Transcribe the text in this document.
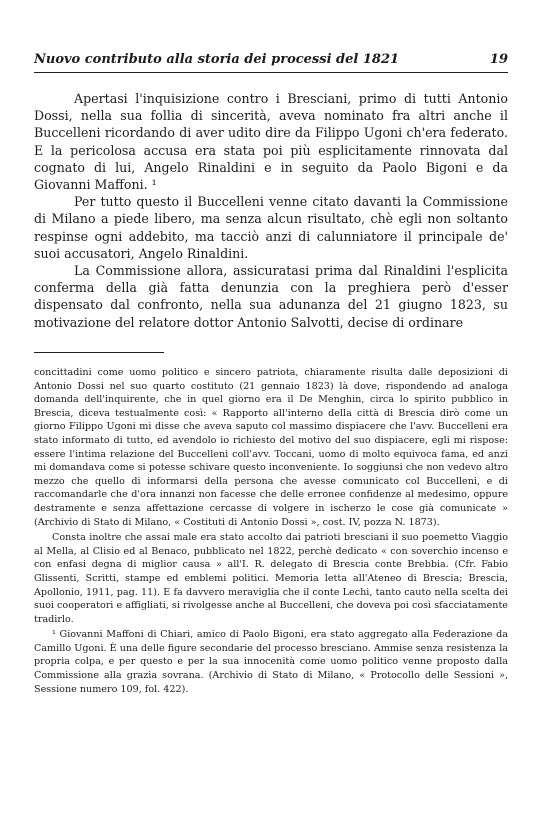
Nuovo contributo alla storia dei processi del 1821	19

Apertasi l'inquisizione contro i Bresciani, primo di tutti Antonio Dossi, nella sua follia di sincerità, aveva nominato fra altri anche il Buccelleni ricordando di aver udito dire da Filippo Ugoni ch'era federato. E la pericolosa accusa era stata poi più esplicitamente rinnovata dal cognato di lui, Angelo Rinaldini e in seguito da Paolo Bigoni e da Giovanni Maffoni. ¹

Per tutto questo il Buccelleni venne citato davanti la Commissione di Milano a piede libero, ma senza alcun risultato, chè egli non soltanto respinse ogni addebito, ma tacciò anzi di calunniatore il principale de' suoi accusatori, Angelo Rinaldini.

La Commissione allora, assicuratasi prima dal Rinaldini l'esplicita conferma della già fatta denunzia con la preghiera però d'esser dispensato dal confronto, nella sua adunanza del 21 giugno 1823, su motivazione del relatore dottor Antonio Salvotti, decise di ordinare

concittadini come uomo politico e sincero patriota, chiaramente risulta dalle deposizioni di Antonio Dossi nel suo quarto costituto (21 gennaio 1823) là dove, rispondendo ad analoga domanda dell'inquirente, che in quel giorno era il De Menghin, circa lo spirito pubblico in Brescia, diceva testualmente così: « Rapporto all'interno della città di Brescia dirò come un giorno Filippo Ugoni mi disse che aveva saputo col massimo dispiacere che l'avv. Buccelleni era stato informato di tutto, ed avendolo io richiesto del motivo del suo dispiacere, egli mi rispose: essere l'intima relazione del Buccelleni coll'avv. Toccani, uomo di molto equivoca fama, ed anzi mi domandava come si potesse schivare questo inconveniente. Io soggiunsi che non vedevo altro mezzo che quello di informarsi della persona che avesse comunicato col Buccelleni, e di raccomandarle che d'ora innanzi non facesse che delle erronee confidenze al medesimo, oppure destramente e senza affettazione cercasse di volgere in ischerzo le cose già comunicate » (Archivio di Stato di Milano, « Costituti di Antonio Dossi », cost. IV, pozza N. 1873).

Consta inoltre che assai male era stato accolto dai patrioti bresciani il suo poemetto Viaggio al Mella, al Clisio ed al Benaco, pubblicato nel 1822, perchè dedicato « con soverchio incenso e con enfasi degna di miglior causa » all'I. R. delegato di Brescia conte Brebbia. (Cfr. Fabio Glissenti, Scritti, stampe ed emblemi politici. Memoria letta all'Ateneo di Brescia; Brescia, Apollonio, 1911, pag. 11). E fa davvero meraviglia che il conte Lechi, tanto cauto nella scelta dei suoi cooperatori e affigliati, si rivolgesse anche al Buccelleni, che doveva poi così sfacciatamente tradirlo.

¹ Giovanni Maffoni di Chiari, amico di Paolo Bigoni, era stato aggregato alla Federazione da Camillo Ugoni. È una delle figure secondarie del processo bresciano. Ammise senza resistenza la propria colpa, e per questo e per la sua innocenità come uomo politico venne proposto dalla Commissione alla grazia sovrana. (Archivio di Stato di Milano, « Protocollo delle Sessioni », Sessione numero 109, fol. 422).
